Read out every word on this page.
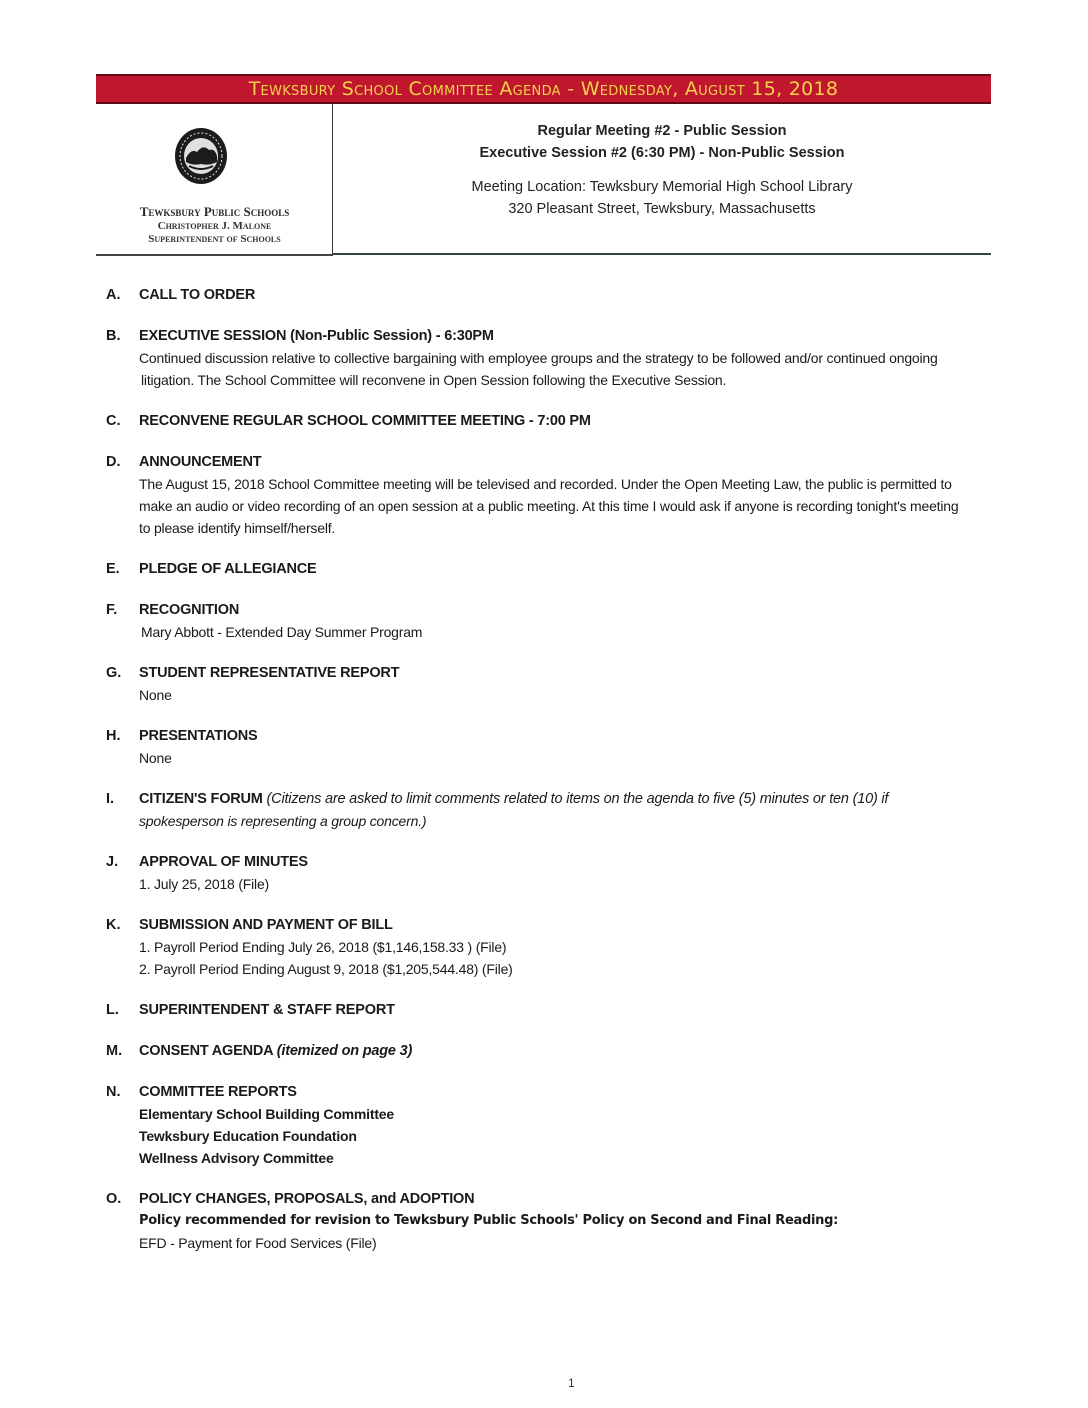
Tewksbury School Committee Agenda - Wednesday, August 15, 2018
Tewksbury Public Schools
Christopher J. Malone
Superintendent of Schools
Regular Meeting #2 - Public Session
Executive Session #2 (6:30 PM) - Non-Public Session
Meeting Location: Tewksbury Memorial High School Library
320 Pleasant Street, Tewksbury, Massachusetts
A.	CALL TO ORDER
B.	EXECUTIVE SESSION (Non-Public Session) - 6:30PM
Continued discussion relative to collective bargaining with employee groups and the strategy to be followed and/or continued ongoing
litigation. The School Committee will reconvene in Open Session following the Executive Session.
C.	RECONVENE REGULAR SCHOOL COMMITTEE MEETING - 7:00 PM
D.	ANNOUNCEMENT
The August 15, 2018 School Committee meeting will be televised and recorded. Under the Open Meeting Law, the public is permitted to
make an audio or video recording of an open session at a public meeting. At this time I would ask if anyone is recording tonight's meeting
to please identify himself/herself.
E.	PLEDGE OF ALLEGIANCE
F.	RECOGNITION
Mary Abbott - Extended Day Summer Program
G.	STUDENT REPRESENTATIVE REPORT
None
H.	PRESENTATIONS
None
I.	CITIZEN'S FORUM (Citizens are asked to limit comments related to items on the agenda to five (5) minutes or ten (10) if
spokesperson is representing a group concern.)
J.	APPROVAL OF MINUTES
1. July 25, 2018 (File)
K.	SUBMISSION AND PAYMENT OF BILL
1. Payroll Period Ending July 26, 2018 ($1,146,158.33 ) (File)
2. Payroll Period Ending August 9, 2018 ($1,205,544.48) (File)
L.	SUPERINTENDENT & STAFF REPORT
M.	CONSENT AGENDA (itemized on page 3)
N.	COMMITTEE REPORTS
Elementary School Building Committee
Tewksbury Education Foundation
Wellness Advisory Committee
O.	POLICY CHANGES, PROPOSALS, and ADOPTION
Policy recommended for revision to Tewksbury Public Schools' Policy on Second and Final Reading:
EFD - Payment for Food Services (File)
1
